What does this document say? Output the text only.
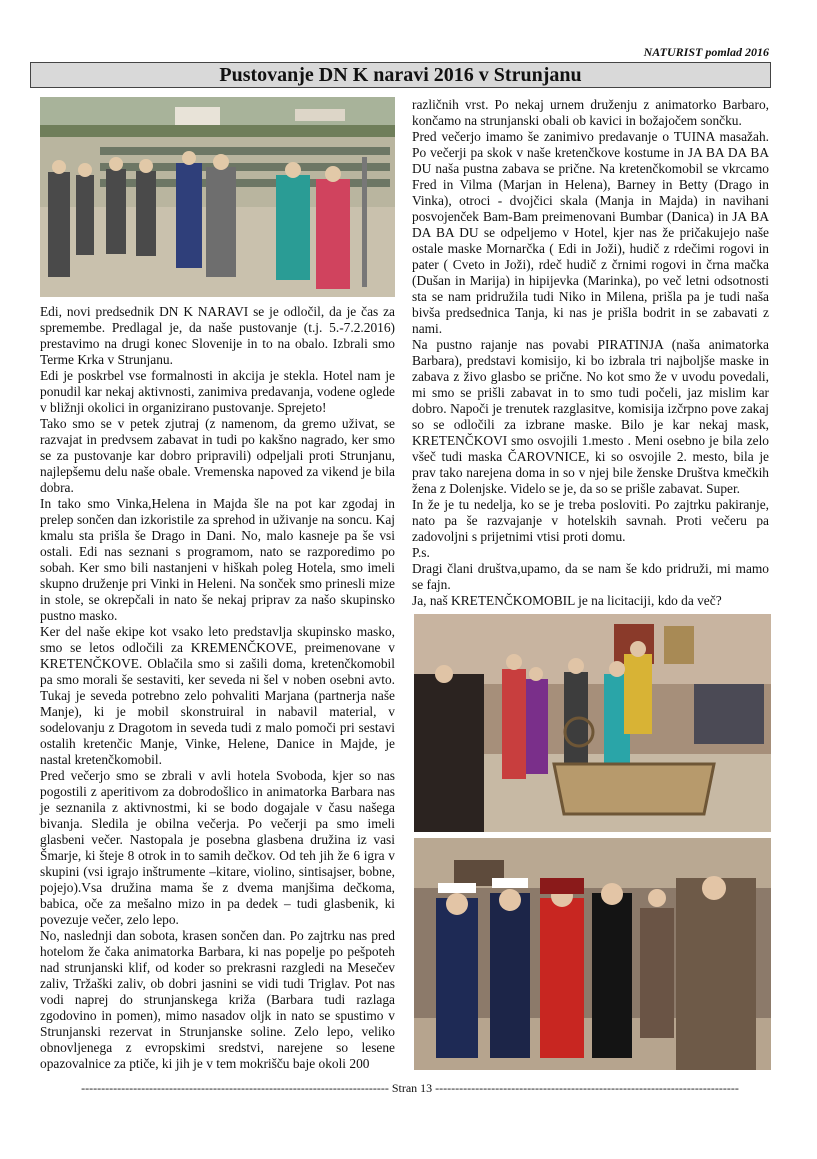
NATURIST pomlad 2016
Pustovanje DN K naravi 2016 v Strunjanu

Edi, novi predsednik DN K NARAVI se je odločil, da je čas za spremembe. Predlagal je, da naše pustovanje (t.j. 5.-7.2.2016) prestavimo na drugi konec Slovenije in to na obalo. Izbrali smo Terme Krka v Strunjanu.

Edi je poskrbel vse formalnosti in akcija je stekla. Hotel nam je ponudil kar nekaj aktivnosti, zanimiva predavanja, vodene oglede v bližnji okolici in organizirano pustovanje. Sprejeto!

Tako smo se v petek zjutraj (z namenom, da gremo uživat, se razvajat in predvsem zabavat in tudi po kakšno nagrado, ker smo se za pustovanje kar dobro pripravili) odpeljali proti Strunjanu, najlepšemu delu naše obale. Vremenska napoved za vikend je bila dobra.

In tako smo Vinka,Helena in Majda šle na pot kar zgodaj in prelep sončen dan izkoristile za sprehod in uživanje na soncu. Kaj kmalu sta prišla še Drago in Dani. No, malo kasneje pa še vsi ostali. Edi nas seznani s programom, nato se razporedimo po sobah. Ker smo bili nastanjeni v hiškah poleg Hotela, smo imeli skupno druženje pri Vinki in Heleni. Na sonček smo prinesli mize in stole, se okrepčali in nato še nekaj priprav za našo skupinsko pustno masko.

Ker del naše ekipe kot vsako leto predstavlja skupinsko masko, smo se letos odločili za KREMENČKOVE, preimenovane v KRETENČKOVE. Oblačila smo si zašili doma, kretenčkomobil pa smo morali še sestaviti, ker seveda ni šel v noben osebni avto. Tukaj je seveda potrebno zelo pohvaliti Marjana (partnerja naše Manje), ki je mobil skonstruiral in nabavil material, v sodelovanju z Dragotom in seveda tudi z malo pomoči pri sestavi ostalih kretenčic Manje, Vinke, Helene, Danice in Majde, je nastal kretenčkomobil.

Pred večerjo smo se zbrali v avli hotela Svoboda, kjer so nas pogostili z aperitivom za dobrodošlico in animatorka Barbara nas je seznanila z aktivnostmi, ki se bodo dogajale v času našega bivanja. Sledila je obilna večerja. Po večerji pa smo imeli glasbeni večer. Nastopala je posebna glasbena družina iz vasi Šmarje, ki šteje 8 otrok in to samih dečkov. Od teh jih že 6 igra v skupini (vsi igrajo inštrumente –kitare, violino, sintisajser, bobne, pojejo).Vsa družina mama še z dvema manjšima dečkoma, babica, oče za mešalno mizo in pa dedek – tudi glasbenik, ki povezuje večer, zelo lepo.

No, naslednji dan sobota, krasen sončen dan. Po zajtrku nas pred hotelom že čaka animatorka Barbara, ki nas popelje po pešpoteh nad strunjanski klif, od koder so prekrasni razgledi na Mesečev zaliv, Tržaški zaliv, ob dobri jasnini se vidi tudi Triglav. Pot nas vodi naprej do strunjanskega križa (Barbara tudi razlaga zgodovino in pomen), mimo nasadov oljk in nato se spustimo v Strunjanski rezervat in Strunjanske soline. Zelo lepo, veliko obnovljenega z evropskimi sredstvi, narejene so lesene opazovalnice za ptiče, ki jih je v tem mokrišču baje okoli 200

različnih vrst. Po nekaj urnem druženju z animatorko Barbaro, končamo na strunjanski obali ob kavici in božajočem sončku.

Pred večerjo imamo še zanimivo predavanje o TUINA masažah. Po večerji pa skok v naše kretenčkove kostume in JA BA DA BA DU naša pustna zabava se prične. Na kretenčkomobil se vkrcamo Fred in Vilma (Marjan in Helena), Barney in Betty (Drago in Vinka), otroci - dvojčici skala (Manja in Majda) in navihani posvojenček Bam-Bam preimenovani Bumbar (Danica) in JA BA DA BA DU se odpeljemo v Hotel, kjer nas že pričakujejo naše ostale maske Mornarčka ( Edi in Joži), hudič z rdečimi rogovi in pater ( Cveto in Joži), rdeč hudič z črnimi rogovi in črna mačka (Dušan in Marija) in hipijevka (Marinka), po več letni odsotnosti sta se nam pridružila tudi Niko in Milena, prišla pa je tudi naša bivša predsednica Tanja, ki nas je prišla bodrit in se zabavati z nami.

Na pustno rajanje nas povabi PIRATINJA (naša animatorka Barbara), predstavi komisijo, ki bo izbrala tri najboljše maske in zabava z živo glasbo se prične. No kot smo že v uvodu povedali, mi smo se prišli zabavat in to smo tudi počeli, jaz mislim kar dobro. Napoči je trenutek razglasitve, komisija izčrpno pove zakaj so se odločili za izbrane maske. Bilo je kar nekaj mask, KRETENČKOVI smo osvojili 1.mesto . Meni osebno je bila zelo všeč tudi maska ČAROVNICE, ki so osvojile 2. mesto, bila je prav tako narejena doma in so v njej bile ženske Društva kmečkih žena z Dolenjske. Videlo se je, da so se prišle zabavat. Super.

In že je tu nedelja, ko se je treba posloviti. Po zajtrku pakiranje, nato pa še razvajanje v hotelskih savnah. Proti večeru pa zadovoljni s prijetnimi vtisi proti domu.

P.s.

Dragi člani društva,upamo, da se nam še kdo pridruži, mi mamo se fajn.

Ja, naš KRETENČKOMOBIL je na licitaciji, kdo da več?

----------------------------------------------------------------------------- Stran 13 ----------------------------------------------------------------------------
